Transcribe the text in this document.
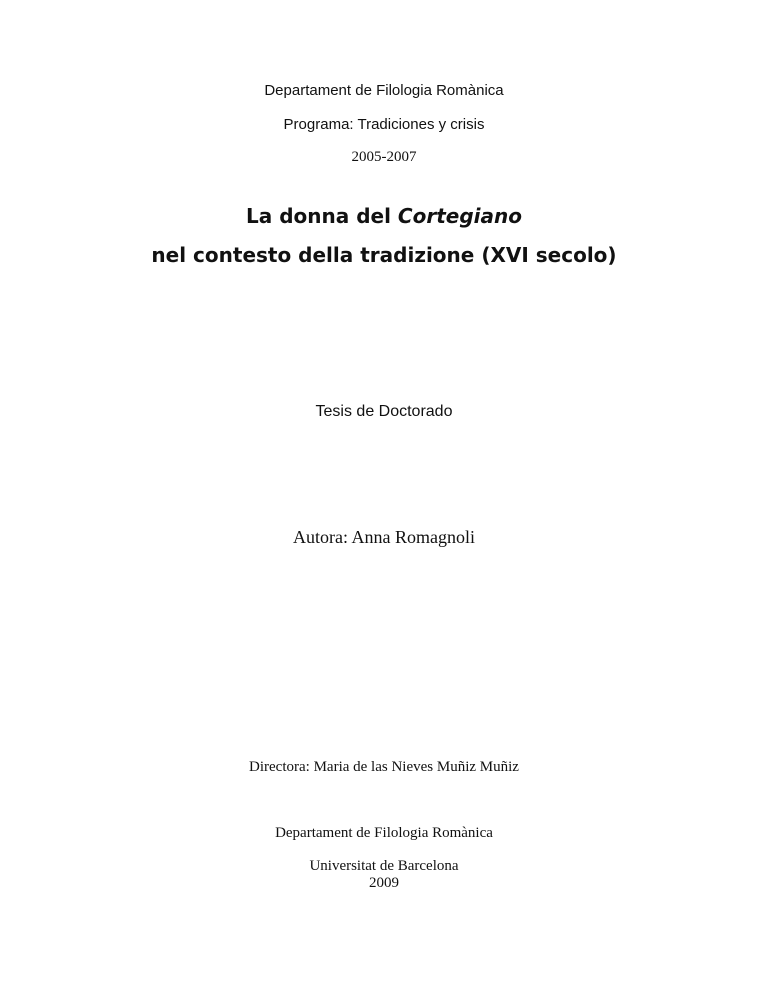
Departament de Filologia Romànica
Programa: Tradiciones y crisis
2005-2007
La donna del Cortegiano
nel contesto della tradizione (XVI secolo)
Tesis de Doctorado
Autora: Anna Romagnoli
Directora: Maria de las Nieves Muñiz Muñiz
Departament de Filologia Romànica
Universitat de Barcelona
2009
